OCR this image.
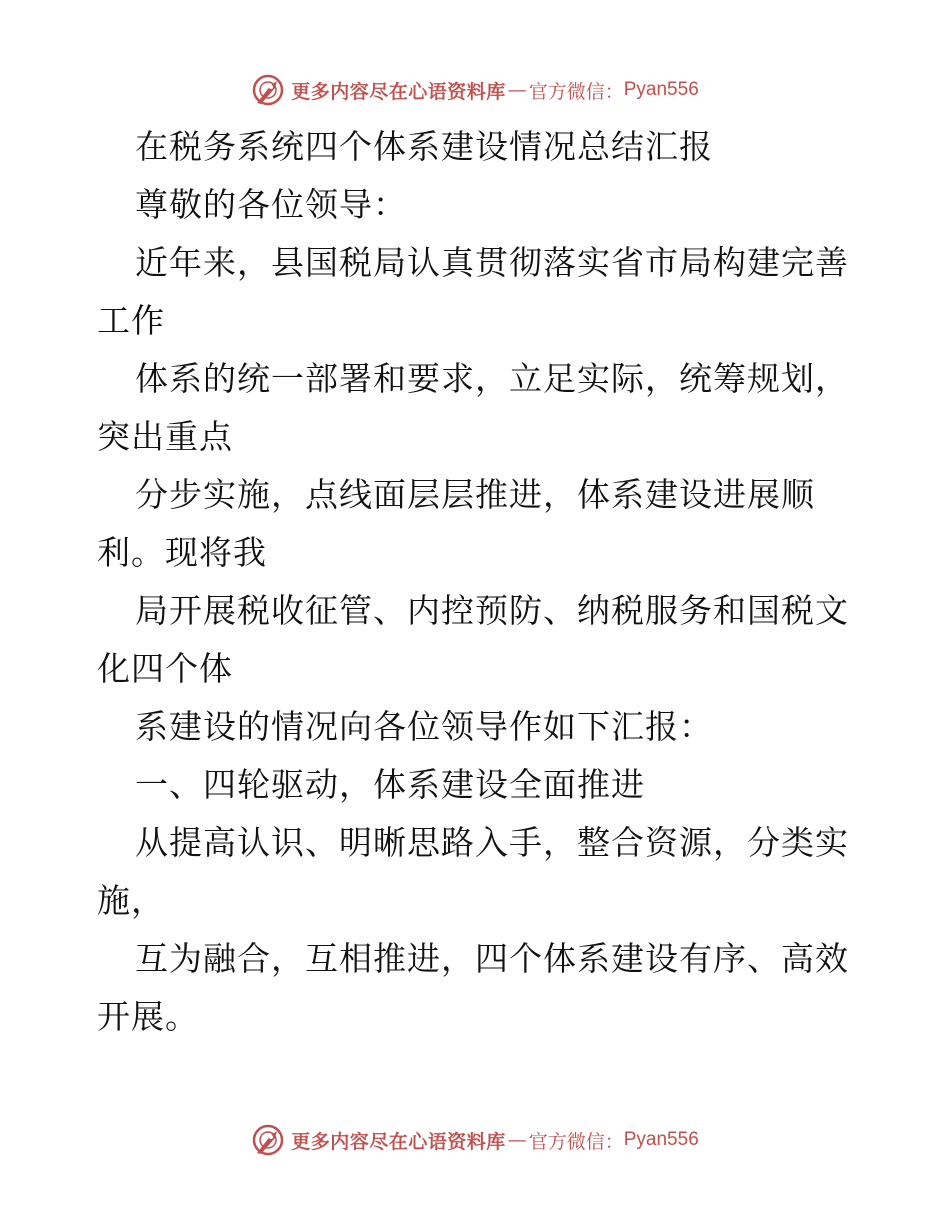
更多内容尽在心语资料库 — 官方微信： Pyan556
在税务系统四个体系建设情况总结汇报
尊敬的各位领导：
近年来，县国税局认真贯彻落实省市局构建完善
工作
体系的统一部署和要求，立足实际，统筹规划，
突出重点
分步实施，点线面层层推进，体系建设进展顺
利。现将我
局开展税收征管、内控预防、纳税服务和国税文
化四个体
系建设的情况向各位领导作如下汇报：
一、四轮驱动，体系建设全面推进
从提高认识、明晰思路入手，整合资源，分类实
施，
互为融合，互相推进，四个体系建设有序、高效
开展。
更多内容尽在心语资料库 — 官方微信： Pyan556
